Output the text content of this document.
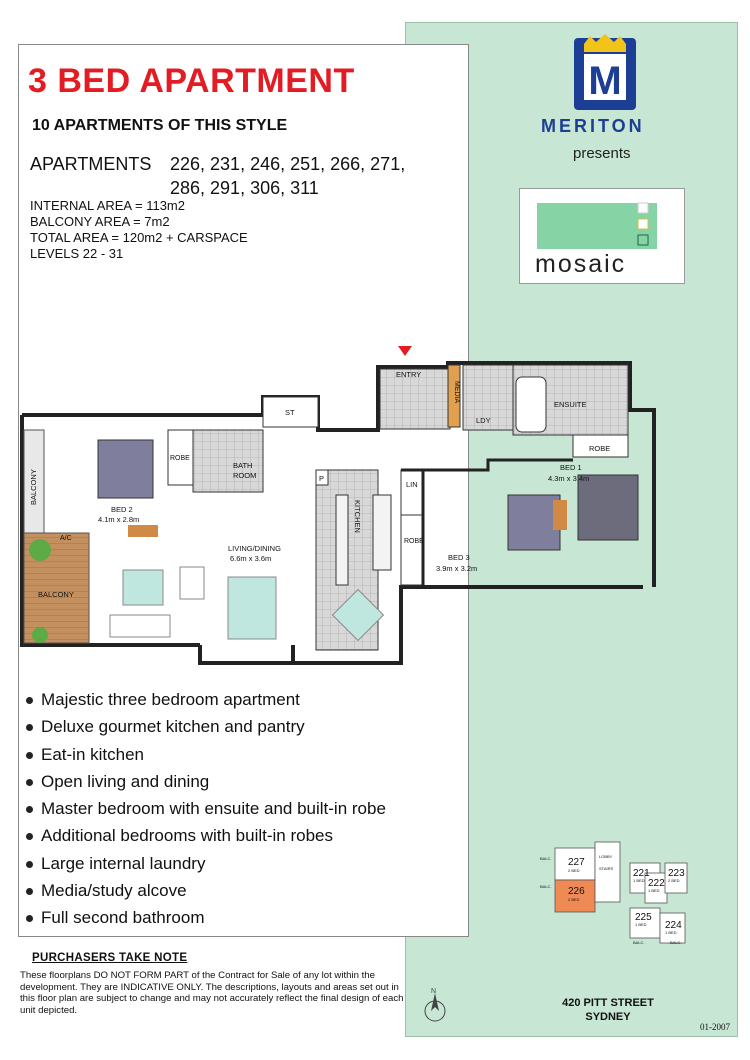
3 BED APARTMENT
10 APARTMENTS OF THIS STYLE
APARTMENTS 226, 231, 246, 251, 266, 271,
286, 291, 306, 311
INTERNAL AREA = 113m2
BALCONY AREA = 7m2
TOTAL AREA = 120m2 + CARSPACE
LEVELS 22 - 31
M
MERITON
presents
mosaic
ENTRY
MEDIA
LDY
ENSUITE
ROBE
ST
ROBE
BATH
ROOM
BALCONY
BALCONY
A/C
BED 2
4.1m x 2.8m
LIVING/DINING
6.6m x 3.6m
KITCHEN
P
LIN
ROBE
BED 1
4.3m x 3.4m
BED 3
3.9m x 3.2m
Majestic three bedroom apartment
Deluxe gourmet kitchen and pantry
Eat-in kitchen
Open living and dining
Master bedroom with ensuite and built-in robe
Additional bedrooms with built-in robes
Large internal laundry
Media/study alcove
Full second bathroom
PURCHASERS TAKE NOTE
These floorplans DO NOT FORM PART of the Contract for Sale of any lot within the development. They are INDICATIVE ONLY. The descriptions, layouts and areas set out in this floor plan are subject to change and may not accurately reflect the final design of each unit depicted.
227
2 BED
226
2 BED
221
1 BED 222
1 BED
223
2 BED
225
1 BED 224
1 BED
LOBBY
STAIRS
BALC.
BALC.
BALC.	BALC.
N
420 PITT STREET
SYDNEY
01-2007
